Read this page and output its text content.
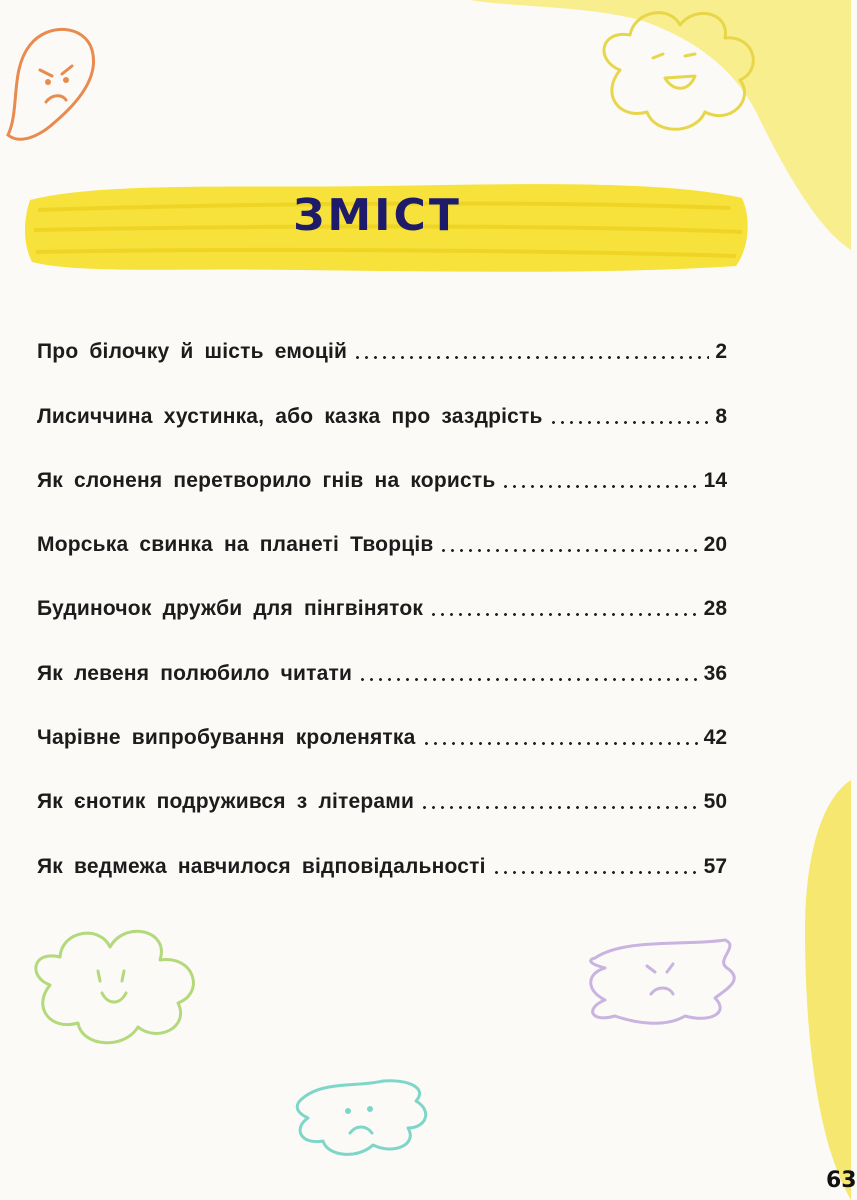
ЗМІСТ
Про білочку й шість емоцій	2
Лисиччина хустинка, або казка про заздрість	8
Як слоненя перетворило гнів на користь	14
Морська свинка на планеті Творців	20
Будиночок дружби для пінгвіняток	28
Як левеня полюбило читати	36
Чарівне випробування кроленятка	42
Як єнотик подружився з літерами	50
Як ведмежа навчилося відповідальності	57
63
